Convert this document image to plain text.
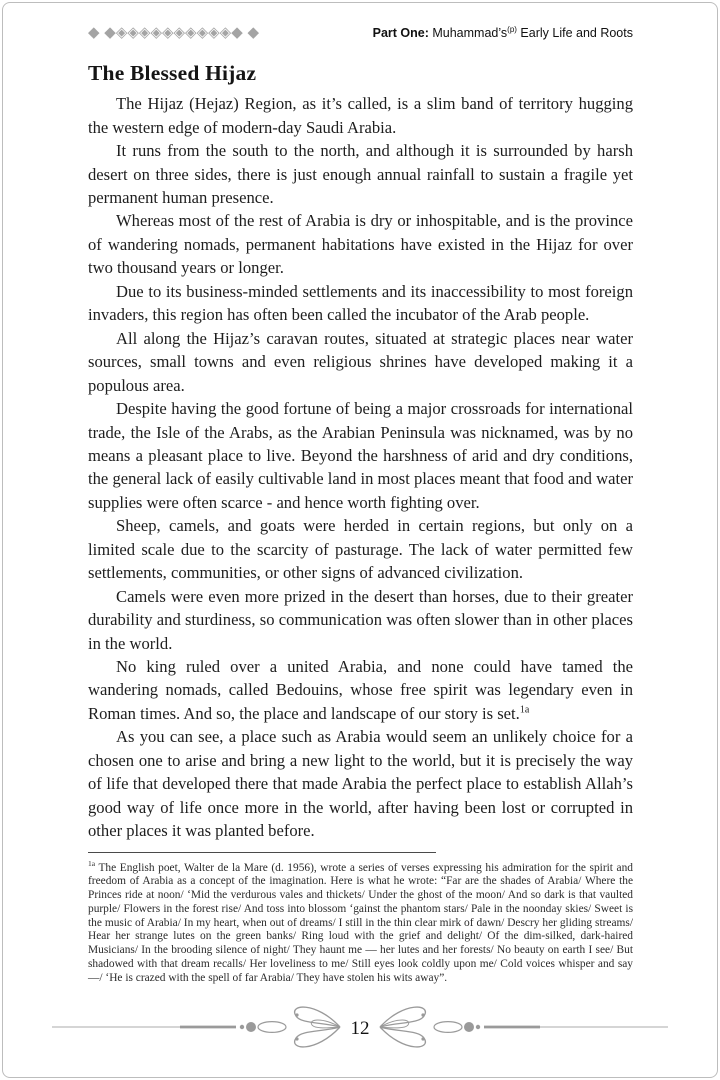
◆ ◆◈◈◈◈◈◈◈◈◈◈◆ ◆	Part One: $Muhammad’s^{(p)}$ Early Life and Roots
The Blessed Hijaz

The Hijaz (Hejaz) Region, as it’s called, is a slim band of territory hugging the western edge of modern-day Saudi Arabia.

It runs from the south to the north, and although it is surrounded by harsh desert on three sides, there is just enough annual rainfall to sustain a fragile yet permanent human presence.

Whereas most of the rest of Arabia is dry or inhospitable, and is the province of wandering nomads, permanent habitations have existed in the Hijaz for over two thousand years or longer.

Due to its business-minded settlements and its inaccessibility to most foreign invaders, this region has often been called the incubator of the Arab people.

All along the Hijaz’s caravan routes, situated at strategic places near water sources, small towns and even religious shrines have developed making it a populous area.

Despite having the good fortune of being a major crossroads for international trade, the Isle of the Arabs, as the Arabian Peninsula was nicknamed, was by no means a pleasant place to live. Beyond the harshness of arid and dry conditions, the general lack of easily cultivable land in most places meant that food and water supplies were often scarce - and hence worth fighting over.

Sheep, camels, and goats were herded in certain regions, but only on a limited scale due to the scarcity of pasturage. The lack of water permitted few settlements, communities, or other signs of advanced civilization.

Camels were even more prized in the desert than horses, due to their greater durability and sturdiness, so communication was often slower than in other places in the world.

No king ruled over a united Arabia, and none could have tamed the wandering nomads, called Bedouins, whose free spirit was legendary even in Roman times. And so, the place and landscape of our story is set.$^{1a}$

As you can see, a place such as Arabia would seem an unlikely choice for a chosen one to arise and bring a new light to the world, but it is precisely the way of life that developed there that made Arabia the perfect place to establish Allah’s good way of life once more in the world, after having been lost or corrupted in other places it was planted before.

$^{1a}$ The English poet, Walter de la Mare (d. 1956), wrote a series of verses expressing his admiration for the spirit and freedom of Arabia as a concept of the imagination. Here is what he wrote: “Far are the shades of Arabia/ Where the Princes ride at noon/ ‘Mid the verdurous vales and thickets/ Under the ghost of the moon/ And so dark is that vaulted purple/ Flowers in the forest rise/ And toss into blossom ‘gainst the phantom stars/ Pale in the noonday skies/ Sweet is the music of Arabia/ In my heart, when out of dreams/ I still in the thin clear mirk of dawn/ Descry her gliding streams/ Hear her strange lutes on the green banks/ Ring loud with the grief and delight/ Of the dim-silked, dark-haired Musicians/ In the brooding silence of night/ They haunt me — her lutes and her forests/ No beauty on earth I see/ But shadowed with that dream recalls/ Her loveliness to me/ Still eyes look coldly upon me/ Cold voices whisper and say —/ ‘He is crazed with the spell of far Arabia/ They have stolen his wits away”.
12
